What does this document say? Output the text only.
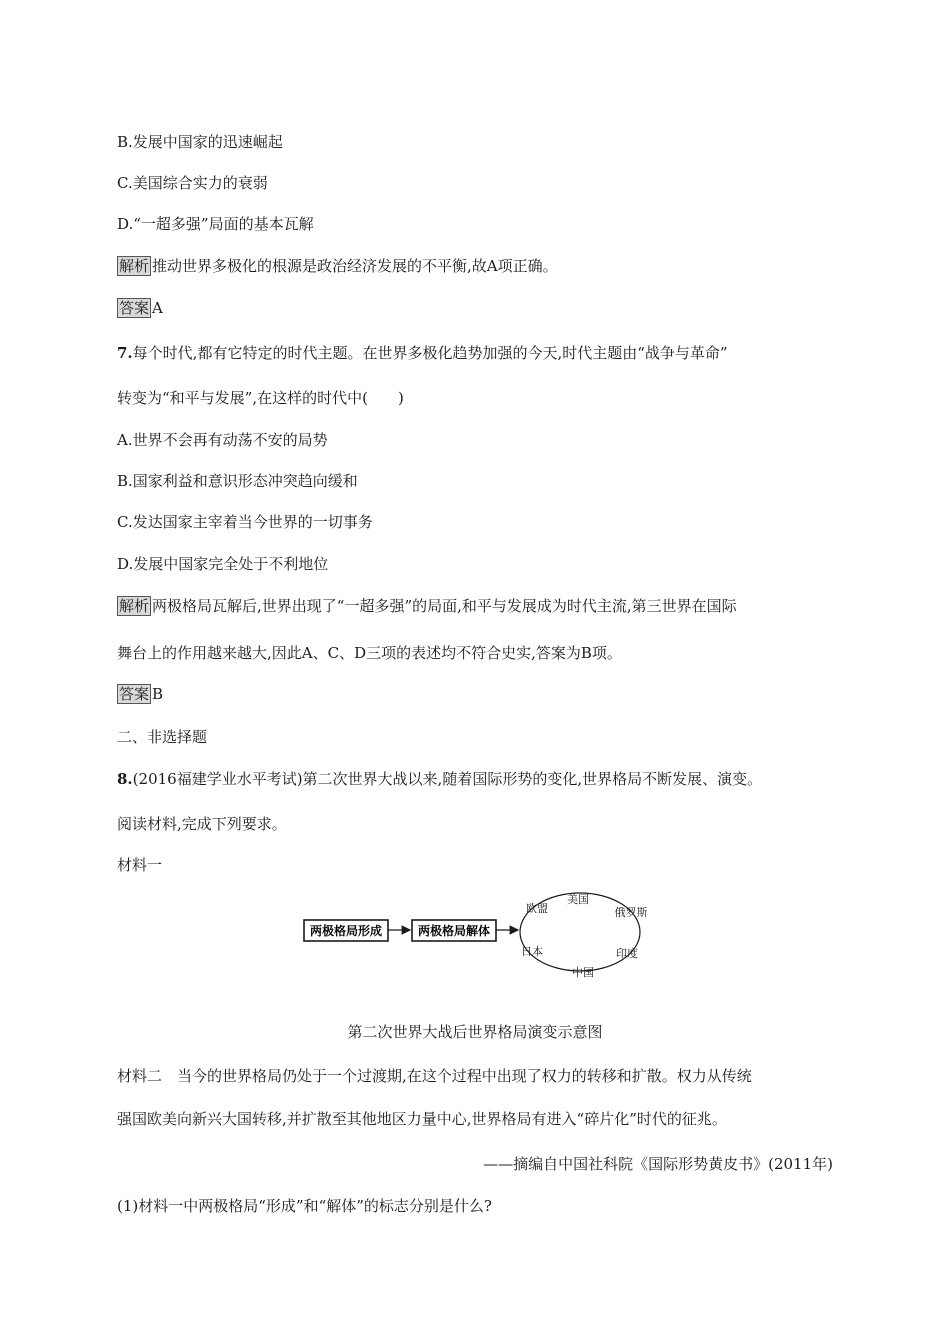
B.发展中国家的迅速崛起
C.美国综合实力的衰弱
D.“一超多强”局面的基本瓦解
解析 推动世界多极化的根源是政治经济发展的不平衡,故A项正确。
答案 A
7.每个时代,都有它特定的时代主题。在世界多极化趋势加强的今天,时代主题由“战争与革命”
转变为“和平与发展”,在这样的时代中(　　)
A.世界不会再有动荡不安的局势
B.国家利益和意识形态冲突趋向缓和
C.发达国家主宰着当今世界的一切事务
D.发展中国家完全处于不利地位
解析 两极格局瓦解后,世界出现了“一超多强”的局面,和平与发展成为时代主流,第三世界在国际
舞台上的作用越来越大,因此A、C、D三项的表述均不符合史实,答案为B项。
答案 B
二、非选择题
8.(2016福建学业水平考试)第二次世界大战以来,随着国际形势的变化,世界格局不断发展、演变。
阅读材料,完成下列要求。
材料一
两极格局形成	两极格局解体
美国
俄罗斯
印度
中国
日本
欧盟
第二次世界大战后世界格局演变示意图
材料二　当今的世界格局仍处于一个过渡期,在这个过程中出现了权力的转移和扩散。权力从传统
强国欧美向新兴大国转移,并扩散至其他地区力量中心,世界格局有进入“碎片化”时代的征兆。
——摘编自中国社科院《国际形势黄皮书》(2011年)
(1)材料一中两极格局“形成”和“解体”的标志分别是什么?
